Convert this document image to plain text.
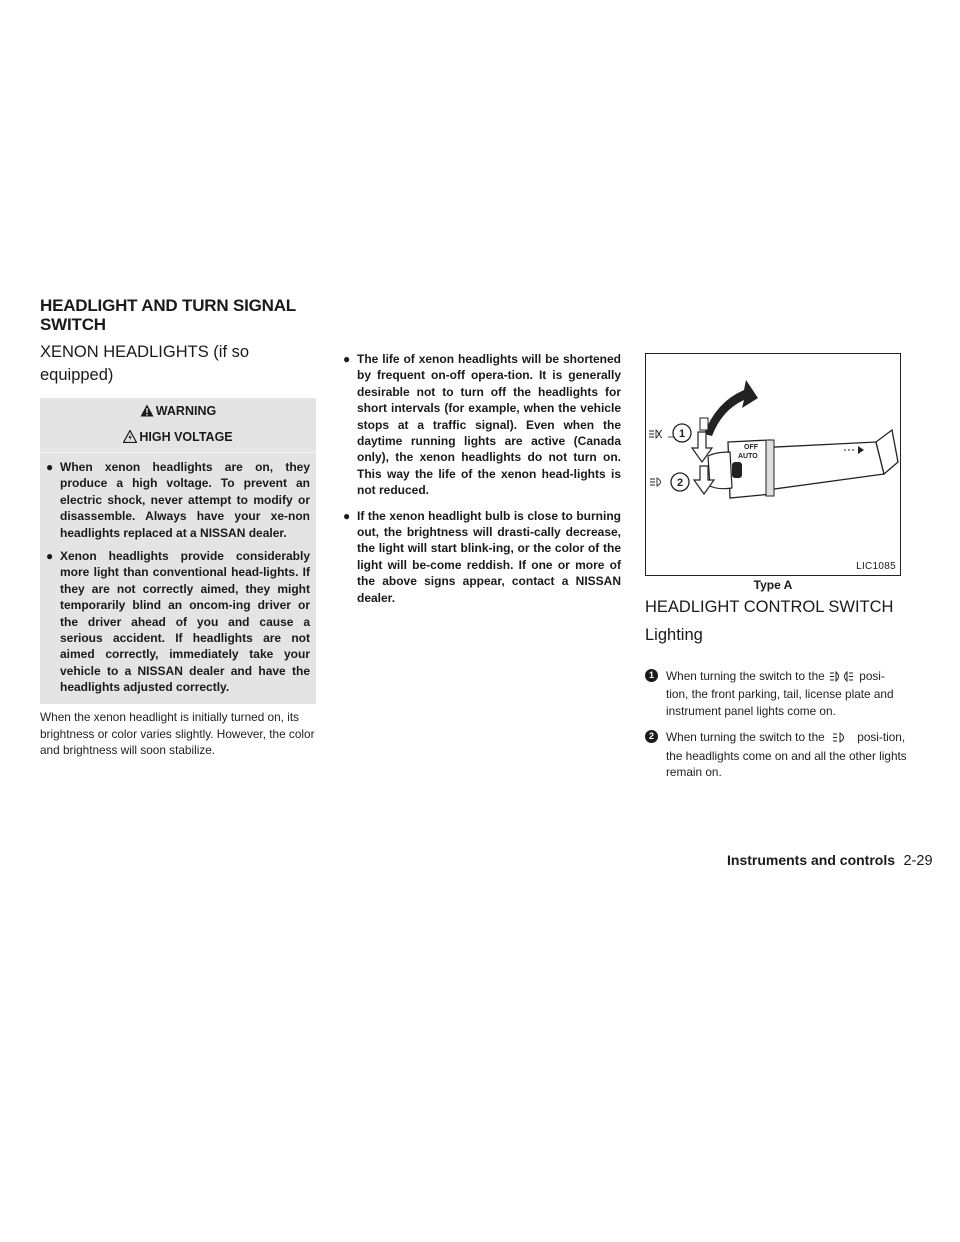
HEADLIGHT AND TURN SIGNAL
SWITCH
XENON HEADLIGHTS (if so
equipped)
WARNING
HIGH VOLTAGE
● When xenon headlights are on, they produce a high voltage. To prevent an electric shock, never attempt to modify or disassemble. Always have your xe-non headlights replaced at a NISSAN dealer.
● Xenon headlights provide considerably more light than conventional head-lights. If they are not correctly aimed, they might temporarily blind an oncom-ing driver or the driver ahead of you and cause a serious accident. If headlights are not aimed correctly, immediately take your vehicle to a NISSAN dealer and have the headlights adjusted correctly.
When the xenon headlight is initially turned on, its brightness or color varies slightly. However, the color and brightness will soon stabilize.
● The life of xenon headlights will be shortened by frequent on-off opera-tion. It is generally desirable not to turn off the headlights for short intervals (for example, when the vehicle stops at a traffic signal). Even when the daytime running lights are active (Canada only), the xenon headlights do not turn on. This way the life of the xenon head-lights is not reduced.
● If the xenon headlight bulb is close to burning out, the brightness will drasti-cally decrease, the light will start blink-ing, or the color of the light will be-come reddish. If one or more of the above signs appear, contact a NISSAN dealer.
OFF
AUTO
1
2
LIC1085
Type A
HEADLIGHT CONTROL SWITCH
Lighting
1	When turning the switch to the	posi-tion, the front parking, tail, license plate and instrument panel lights come on.
2	When turning the switch to the	posi-tion, the headlights come on and all the other lights remain on.
Instruments and controls 2-29
